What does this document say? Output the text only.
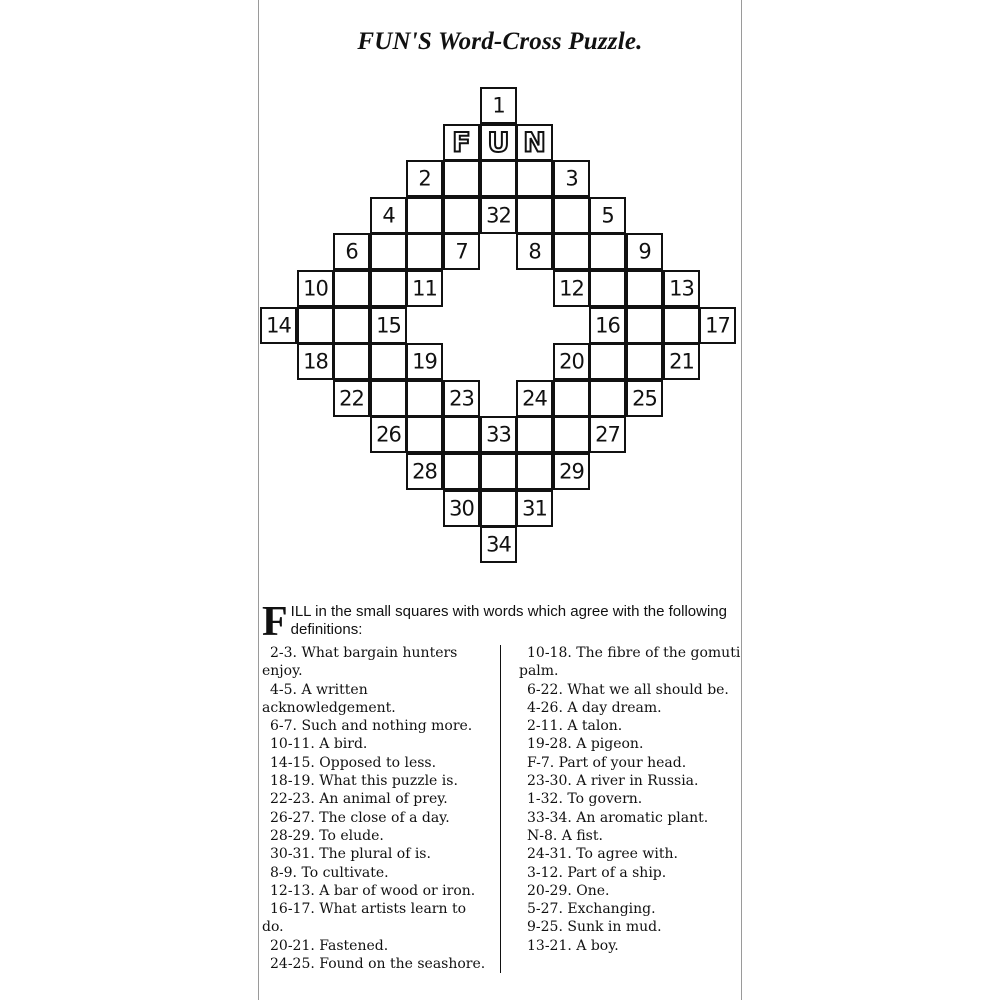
FUN'S Word-Cross Puzzle.
1
F U N
2	3
4	32	5
6	7	8	9
10	11	12	13
14	15	16	17
18	19	20	21
22	23 24	25
26	33	27
28	29
30 31
34
F ILL in the small squares with words which agree with the following definitions:

2-3. What bargain hunters enjoy.

4-5. A written acknowledgement.

6-7. Such and nothing more.

10-11. A bird.

14-15. Opposed to less.

18-19. What this puzzle is.

22-23. An animal of prey.

26-27. The close of a day.

28-29. To elude.

30-31. The plural of is.

8-9. To cultivate.

12-13. A bar of wood or iron.

16-17. What artists learn to do.

20-21. Fastened.

24-25. Found on the seashore.

10-18. The fibre of the gomuti palm.

6-22. What we all should be.

4-26. A day dream.

2-11. A talon.

19-28. A pigeon.

F-7. Part of your head.

23-30. A river in Russia.

1-32. To govern.

33-34. An aromatic plant.

N-8. A fist.

24-31. To agree with.

3-12. Part of a ship.

20-29. One.

5-27. Exchanging.

9-25. Sunk in mud.

13-21. A boy.
